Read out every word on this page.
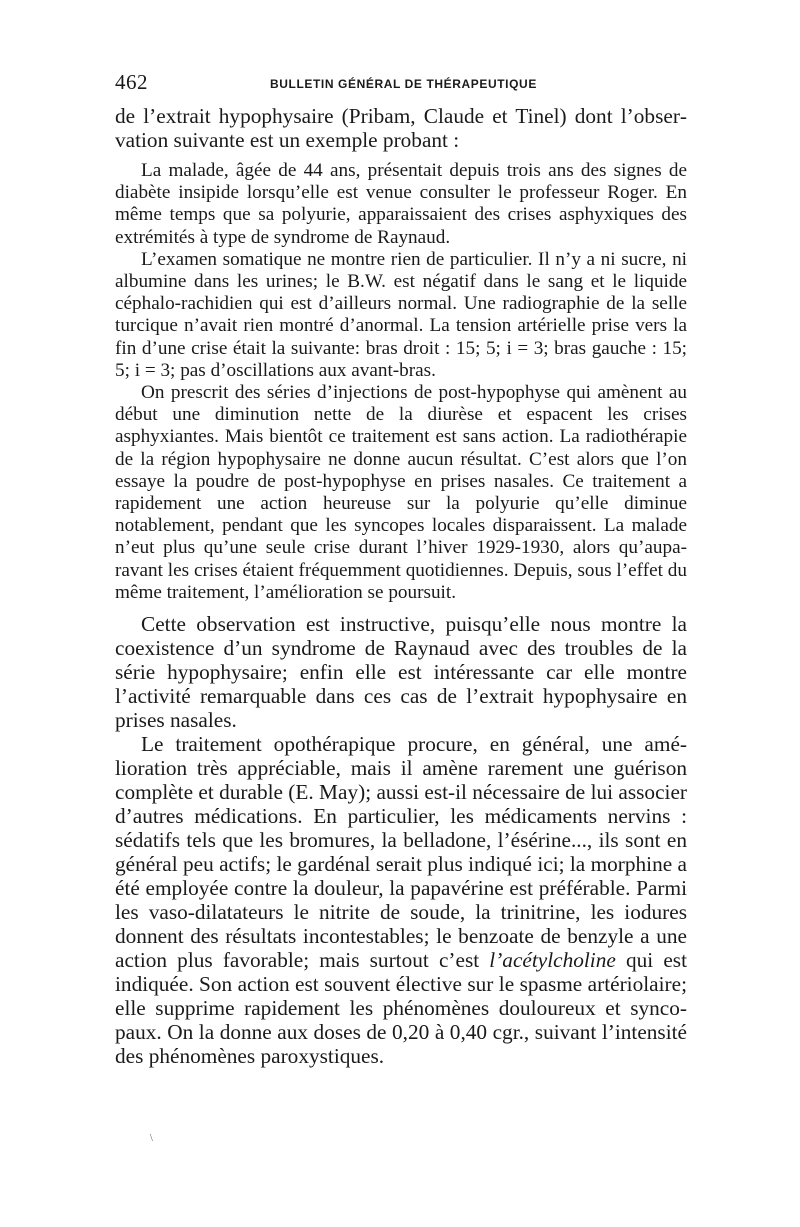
462	BULLETIN GÉNÉRAL DE THÉRAPEUTIQUE

de l’extrait hypophysaire (Pribam, Claude et Tinel) dont l’observation suivante est un exemple probant :

La malade, âgée de 44 ans, présentait depuis trois ans des signes de diabète insipide lorsqu’elle est venue consulter le professeur Roger. En même temps que sa polyurie, apparaissaient des crises asphyxiques des extrémités à type de syndrome de Raynaud.

L’examen somatique ne montre rien de particulier. Il n’y a ni sucre, ni albumine dans les urines; le B.W. est négatif dans le sang et le liquide céphalo-rachidien qui est d’ailleurs normal. Une radiographie de la selle turcique n’avait rien montré d’anormal. La tension artérielle prise vers la fin d’une crise était la suivante: bras droit : 15; 5; i = 3; bras gauche : 15; 5; i = 3; pas d’oscillations aux avant-bras.

On prescrit des séries d’injections de post-hypophyse qui amènent au début une diminution nette de la diurèse et espacent les crises asphyxiantes. Mais bientôt ce traitement est sans action. La radiothérapie de la région hypophysaire ne donne aucun résultat. C’est alors que l’on essaye la poudre de post-hypophyse en prises nasales. Ce traitement a rapidement une action heureuse sur la polyurie qu’elle diminue notablement, pendant que les syncopes locales disparaissent. La malade n’eut plus qu’une seule crise durant l’hiver 1929-1930, alors qu’auparavant les crises étaient fréquemment quotidiennes. Depuis, sous l’effet du même traitement, l’amélioration se poursuit.

Cette observation est instructive, puisqu’elle nous montre la coexistence d’un syndrome de Raynaud avec des troubles de la série hypophysaire; enfin elle est intéressante car elle montre l’activité remarquable dans ces cas de l’extrait hypophysaire en prises nasales.

Le traitement opothérapique procure, en général, une amélioration très appréciable, mais il amène rarement une guérison complète et durable (E. May); aussi est-il nécessaire de lui associer d’autres médications. En particulier, les médicaments nervins : sédatifs tels que les bromures, la belladone, l’ésérine..., ils sont en général peu actifs; le gardénal serait plus indiqué ici; la morphine a été employée contre la douleur, la papavérine est préférable. Parmi les vaso-dilatateurs le nitrite de soude, la trinitrine, les iodures donnent des résultats incontestables; le benzoate de benzyle a une action plus favorable; mais surtout c’est l’acétylcholine qui est indiquée. Son action est souvent élective sur le spasme artériolaire; elle supprime rapidement les phénomènes douloureux et syncopaux. On la donne aux doses de 0,20 à 0,40 cgr., suivant l’intensité des phénomènes paroxystiques.

\
